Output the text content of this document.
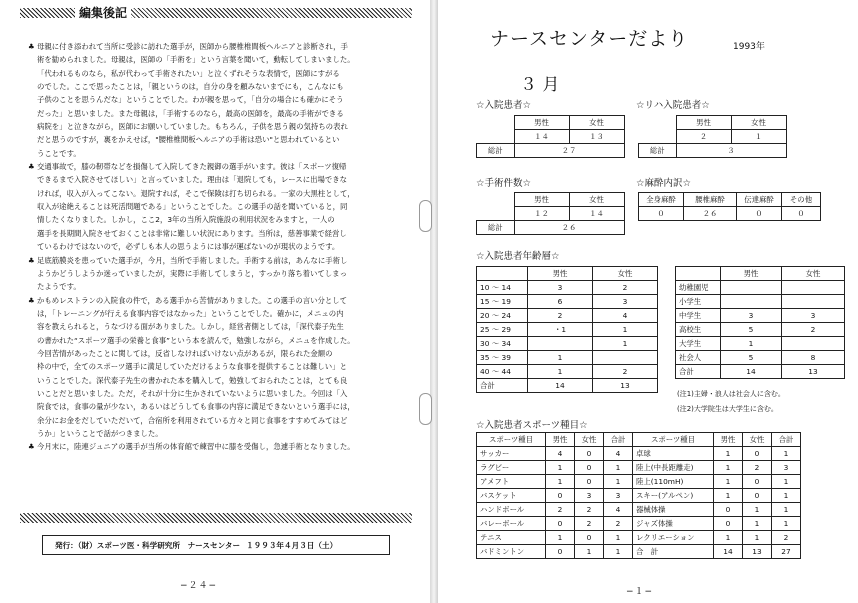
編集後記
♣ 母親に付き添われて当所に受診に訪れた選手が，医師から腰椎椎間板ヘルニアと診断され，手
術を勧められました。母親は，医師の「手術を」という言葉を聞いて，動転してしまいました。
「代われるものなら，私が代わって手術されたい」と泣くずれそうな表情で，医師にすがる
のでした。ここで思ったことは，「親というのは，自分の身を顧みないまでにも，こんなにも
子供のことを思うんだな」ということでした。わが親を思って，「自分の場合にも確かにそう
だった」と思いました。また母親は，「手術するのなら，最高の医師を，最高の手術ができる
病院を」と泣きながら，医師にお願いしていました。もちろん，子供を思う親の気持ちの表れ
だと思うのですが，裏をかえせば，"腰椎椎間板ヘルニアの手術は恐い"と思われているとい
うことです。
♣ 交通事故で，膝の靭帯などを損傷して入院してきた親御の選手がいます。彼は「スポーツ復帰
できるまで入院させてほしい」と言っていました。理由は「退院しても，レースに出場できな
ければ，収入が入ってこない。退院すれば，そこで保険は打ち切られる。一家の大黒柱として，
収入が途絶えることは死活問題である」ということでした。この選手の話を聞いていると，同
情したくなりました。しかし，ここ2，3年の当所入院施設の利用状況をみますと，一人の
選手を長期間入院させておくことは非常に難しい状況にあります。当所は，慈善事業で経営し
ているわけではないので，必ずしも本人の思うようには事が運ばないのが現状のようです。
♣ 足底筋膜炎を患っていた選手が，今月，当所で手術しました。手術する前は，あんなに手術し
ようかどうしようか迷っていましたが，実際に手術してしまうと，すっかり落ち着いてしまっ
たようです。
♣ かもめレストランの入院食の件で，ある選手から苦情がありました。この選手の言い分として
は，「トレーニングが行える食事内容ではなかった」ということでした。確かに，メニュの内
容を教えられると，うなづける面がありました。しかし，経営者側としては，「深代泰子先生
の書かれた“スポーツ選手の栄養と食事”という本を読んで，勉強しながら，メニュを作成した。
今回苦情があったことに関しては，反省しなければいけない点があるが，限られた金額の
枠の中で，全てのスポーツ選手に満足していただけるような食事を提供することは難しい」と
いうことでした。深代泰子先生の書かれた本を購入して，勉強しておられたことは，とても良
いことだと思いました。ただ，それが十分に生かされていないように思いました。今回は「入
院食では，食事の量が少ない，あるいはどうしても食事の内容に満足できないという選手には，
余分にお金をだしていただいて，合宿所を利用されている方々と同じ食事をすすめてみてはど
うか」ということで話がつきました。
♣ 今月末に，陸連ジュニアの選手が当所の体育館で練習中に膝を受傷し，急遽手術となりました。
発行：（財）スポーツ医・科学研究所　ナースセンター １９９３年４月３日（土）
−２４−
ナースセンターだより	1993年
３ 月
☆入院患者☆
	男性	女性
	１４	１３
総計	２７	
☆リハ入院患者☆
	男性	女性
	２	１
総計	３	
☆手術件数☆
	男性	女性
	１２	１４
総計	２６	
☆麻酔内訳☆
全身麻酔	腰椎麻酔	伝達麻酔	その他
０	２６	０	０
☆入院患者年齢層☆
	男性	女性
10 〜 14	3	2
15 〜 19	6	3
20 〜 24	2	4
25 〜 29	・1	1
30 〜 34		1
35 〜 39	1	
40 〜 44	1	2
合計	14	13
	男性	女性
幼稚園児		
小学生		
中学生	3	3
高校生	5	2
大学生	1	
社会人	5	8
合計	14	13
(注1)主婦・浪人は社会人に含む。
(注2)大学院生は大学生に含む。
☆入院患者スポーツ種目☆
スポーツ種目	男性	女性	合計	スポーツ種目	男性	女性	合計
サッカー	4	0	4	卓球	1	0	1
ラグビー	1	0	1	陸上(中長距離走)	1	2	3
アメフト	1	0	1	陸上(110mH)	1	0	1
バスケット	0	3	3	スキー(アルペン)	1	0	1
ハンドボール	2	2	4	器械体操	0	1	1
バレーボール	0	2	2	ジャズ体操	0	1	1
テニス	1	0	1	レクリエーション	1	1	2
バドミントン	0	1	1	合　計	14	13	27
−１−
